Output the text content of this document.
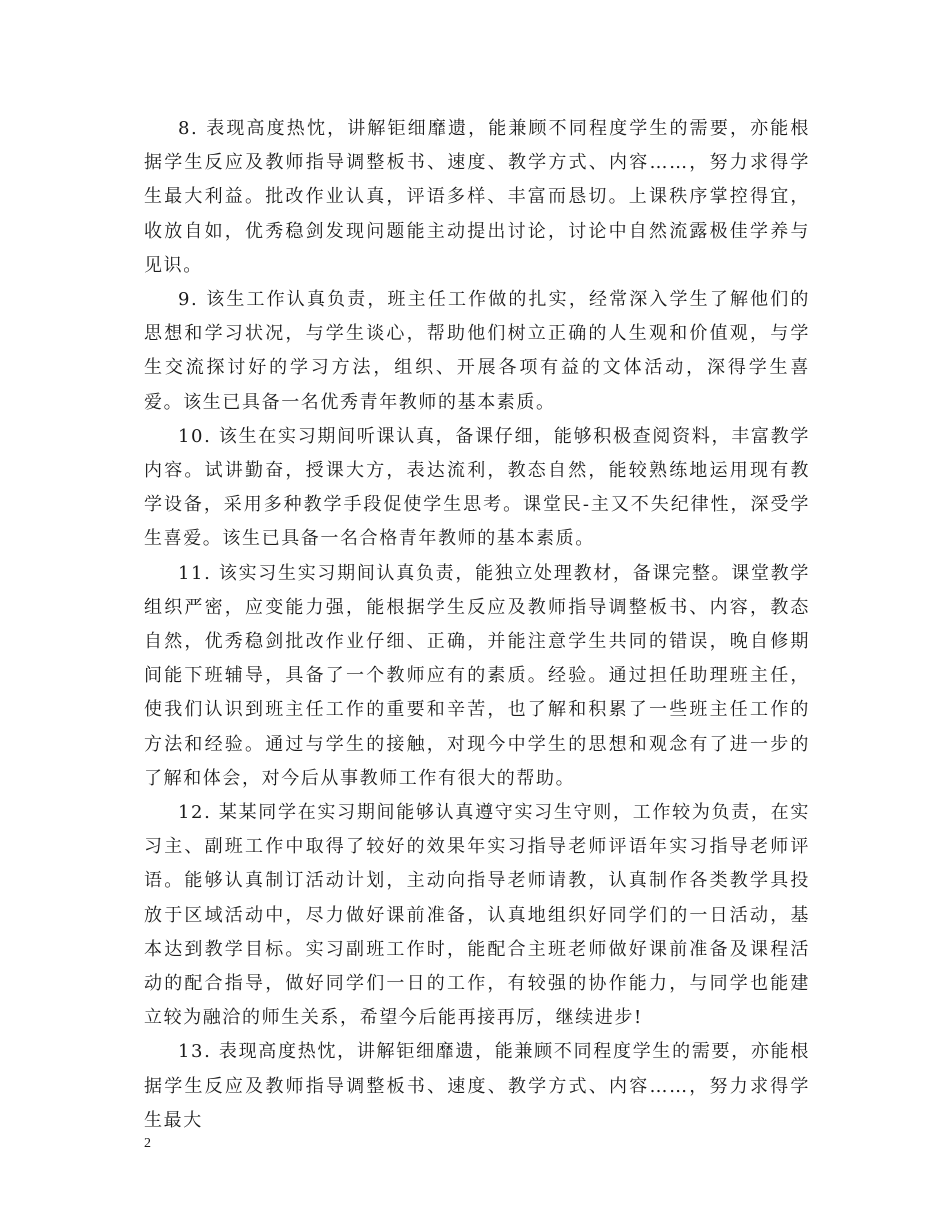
8. 表现高度热忱，讲解钜细靡遗，能兼顾不同程度学生的需要，亦能根据学生反应及教师指导调整板书、速度、教学方式、内容……，努力求得学生最大利益。批改作业认真，评语多样、丰富而恳切。上课秩序掌控得宜，收放自如，优秀稳剑发现问题能主动提出讨论，讨论中自然流露极佳学养与见识。

9. 该生工作认真负责，班主任工作做的扎实，经常深入学生了解他们的思想和学习状况，与学生谈心，帮助他们树立正确的人生观和价值观，与学生交流探讨好的学习方法，组织、开展各项有益的文体活动，深得学生喜爱。该生已具备一名优秀青年教师的基本素质。

10. 该生在实习期间听课认真，备课仔细，能够积极查阅资料，丰富教学内容。试讲勤奋，授课大方，表达流利，教态自然，能较熟练地运用现有教学设备，采用多种教学手段促使学生思考。课堂民-主又不失纪律性，深受学生喜爱。该生已具备一名合格青年教师的基本素质。

11. 该实习生实习期间认真负责，能独立处理教材，备课完整。课堂教学组织严密，应变能力强，能根据学生反应及教师指导调整板书、内容，教态自然，优秀稳剑批改作业仔细、正确，并能注意学生共同的错误，晚自修期间能下班辅导，具备了一个教师应有的素质。经验。通过担任助理班主任，使我们认识到班主任工作的重要和辛苦，也了解和积累了一些班主任工作的方法和经验。通过与学生的接触，对现今中学生的思想和观念有了进一步的了解和体会，对今后从事教师工作有很大的帮助。

12. 某某同学在实习期间能够认真遵守实习生守则，工作较为负责，在实习主、副班工作中取得了较好的效果年实习指导老师评语年实习指导老师评语。能够认真制订活动计划，主动向指导老师请教，认真制作各类教学具投放于区域活动中，尽力做好课前准备，认真地组织好同学们的一日活动，基本达到教学目标。实习副班工作时，能配合主班老师做好课前准备及课程活动的配合指导，做好同学们一日的工作，有较强的协作能力，与同学也能建立较为融洽的师生关系，希望今后能再接再厉，继续进步!

13. 表现高度热忱，讲解钜细靡遗，能兼顾不同程度学生的需要，亦能根据学生反应及教师指导调整板书、速度、教学方式、内容……，努力求得学生最大

2
